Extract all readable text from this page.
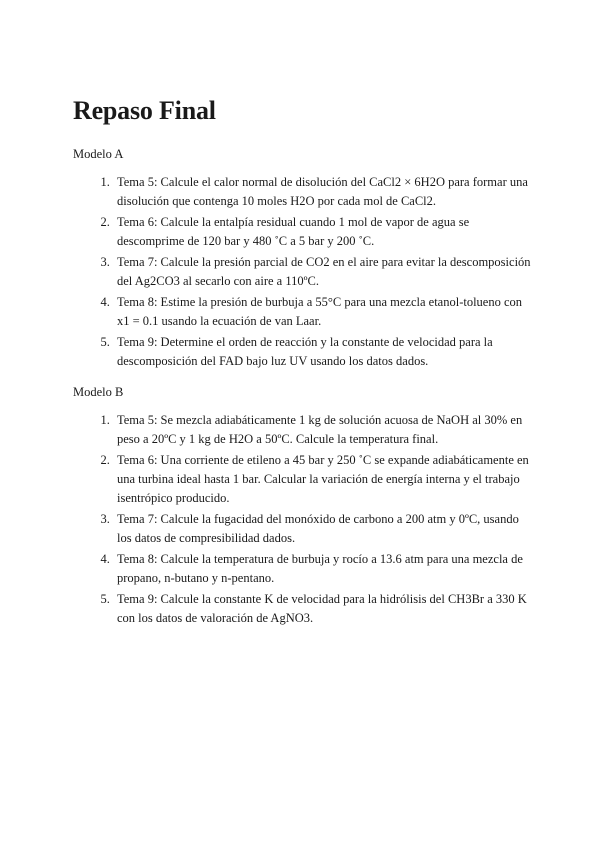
Repaso Final

Modelo A

1. Tema 5: Calcule el calor normal de disolución del CaCl2 × 6H2O para formar una disolución que contenga 10 moles H2O por cada mol de CaCl2.
2. Tema 6: Calcule la entalpía residual cuando 1 mol de vapor de agua se descomprime de 120 bar y 480 ˚C a 5 bar y 200 ˚C.
3. Tema 7: Calcule la presión parcial de CO2 en el aire para evitar la descomposición del Ag2CO3 al secarlo con aire a 110ºC.
4. Tema 8: Estime la presión de burbuja a 55°C para una mezcla etanol-tolueno con x1 = 0.1 usando la ecuación de van Laar.
5. Tema 9: Determine el orden de reacción y la constante de velocidad para la descomposición del FAD bajo luz UV usando los datos dados.

Modelo B

1. Tema 5: Se mezcla adiabáticamente 1 kg de solución acuosa de NaOH al 30% en peso a 20ºC y 1 kg de H2O a 50ºC. Calcule la temperatura final.
2. Tema 6: Una corriente de etileno a 45 bar y 250 ˚C se expande adiabáticamente en una turbina ideal hasta 1 bar. Calcular la variación de energía interna y el trabajo isentrópico producido.
3. Tema 7: Calcule la fugacidad del monóxido de carbono a 200 atm y 0ºC, usando los datos de compresibilidad dados.
4. Tema 8: Calcule la temperatura de burbuja y rocío a 13.6 atm para una mezcla de propano, n-butano y n-pentano.
5. Tema 9: Calcule la constante K de velocidad para la hidrólisis del CH3Br a 330 K con los datos de valoración de AgNO3.
